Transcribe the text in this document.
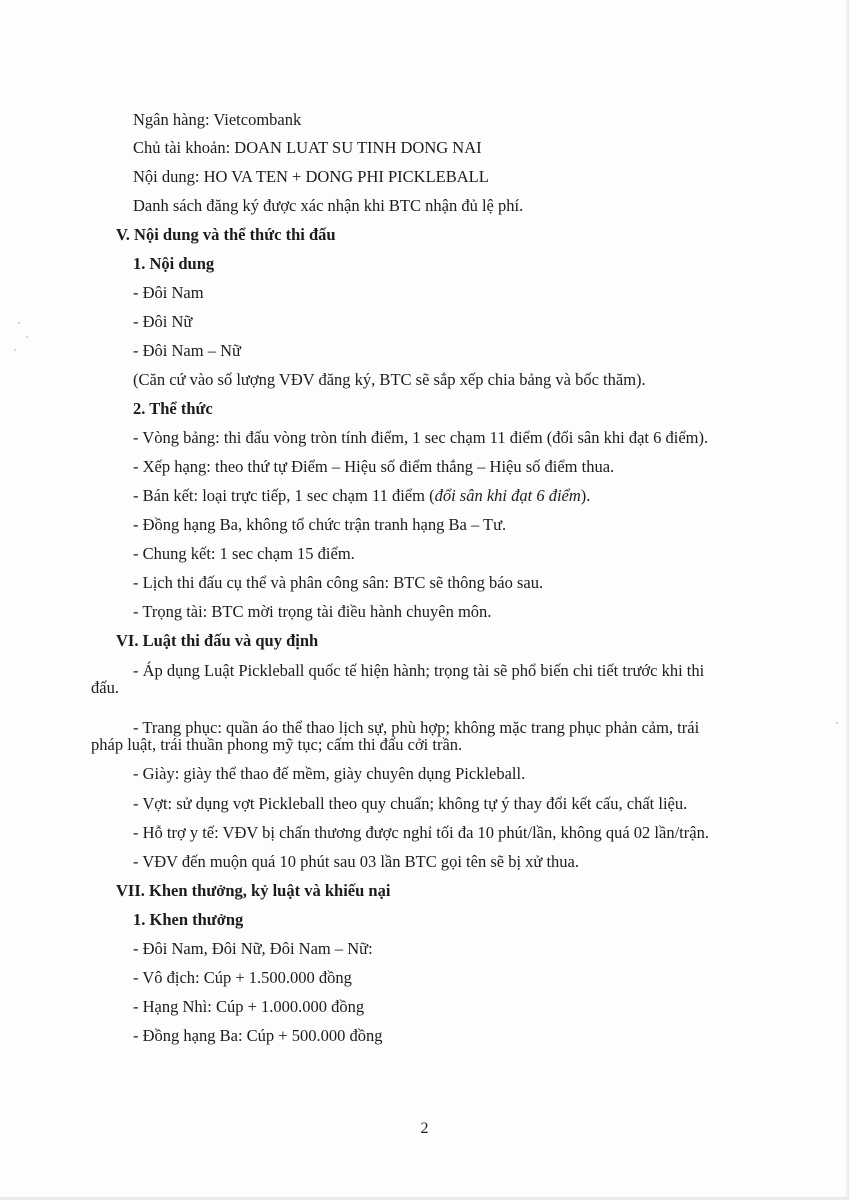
Ngân hàng: Vietcombank
Chủ tài khoản: DOAN LUAT SU TINH DONG NAI
Nội dung: HO VA TEN + DONG PHI PICKLEBALL
Danh sách đăng ký được xác nhận khi BTC nhận đủ lệ phí.
V. Nội dung và thể thức thi đấu
1. Nội dung
- Đôi Nam
- Đôi Nữ
- Đôi Nam – Nữ
(Căn cứ vào số lượng VĐV đăng ký, BTC sẽ sắp xếp chia bảng và bốc thăm).
2. Thể thức
- Vòng bảng: thi đấu vòng tròn tính điểm, 1 sec chạm 11 điểm (đổi sân khi đạt 6 điểm).
- Xếp hạng: theo thứ tự Điểm – Hiệu số điểm thắng – Hiệu số điểm thua.
- Bán kết: loại trực tiếp, 1 sec chạm 11 điểm (đổi sân khi đạt 6 điểm).
- Đồng hạng Ba, không tổ chức trận tranh hạng Ba – Tư.
- Chung kết: 1 sec chạm 15 điểm.
- Lịch thi đấu cụ thể và phân công sân: BTC sẽ thông báo sau.
- Trọng tài: BTC mời trọng tài điều hành chuyên môn.
VI. Luật thi đấu và quy định
- Áp dụng Luật Pickleball quốc tế hiện hành; trọng tài sẽ phổ biến chi tiết trước khi thi
đấu.
- Trang phục: quần áo thể thao lịch sự, phù hợp; không mặc trang phục phản cảm, trái
pháp luật, trái thuần phong mỹ tục; cấm thi đấu cởi trần.
- Giày: giày thể thao đế mềm, giày chuyên dụng Pickleball.
- Vợt: sử dụng vợt Pickleball theo quy chuẩn; không tự ý thay đổi kết cấu, chất liệu.
- Hỗ trợ y tế: VĐV bị chấn thương được nghỉ tối đa 10 phút/lần, không quá 02 lần/trận.
- VĐV đến muộn quá 10 phút sau 03 lần BTC gọi tên sẽ bị xử thua.
VII. Khen thưởng, kỷ luật và khiếu nại
1. Khen thưởng
- Đôi Nam, Đôi Nữ, Đôi Nam – Nữ:
- Vô địch: Cúp + 1.500.000 đồng
- Hạng Nhì: Cúp + 1.000.000 đồng
- Đồng hạng Ba: Cúp + 500.000 đồng
2
